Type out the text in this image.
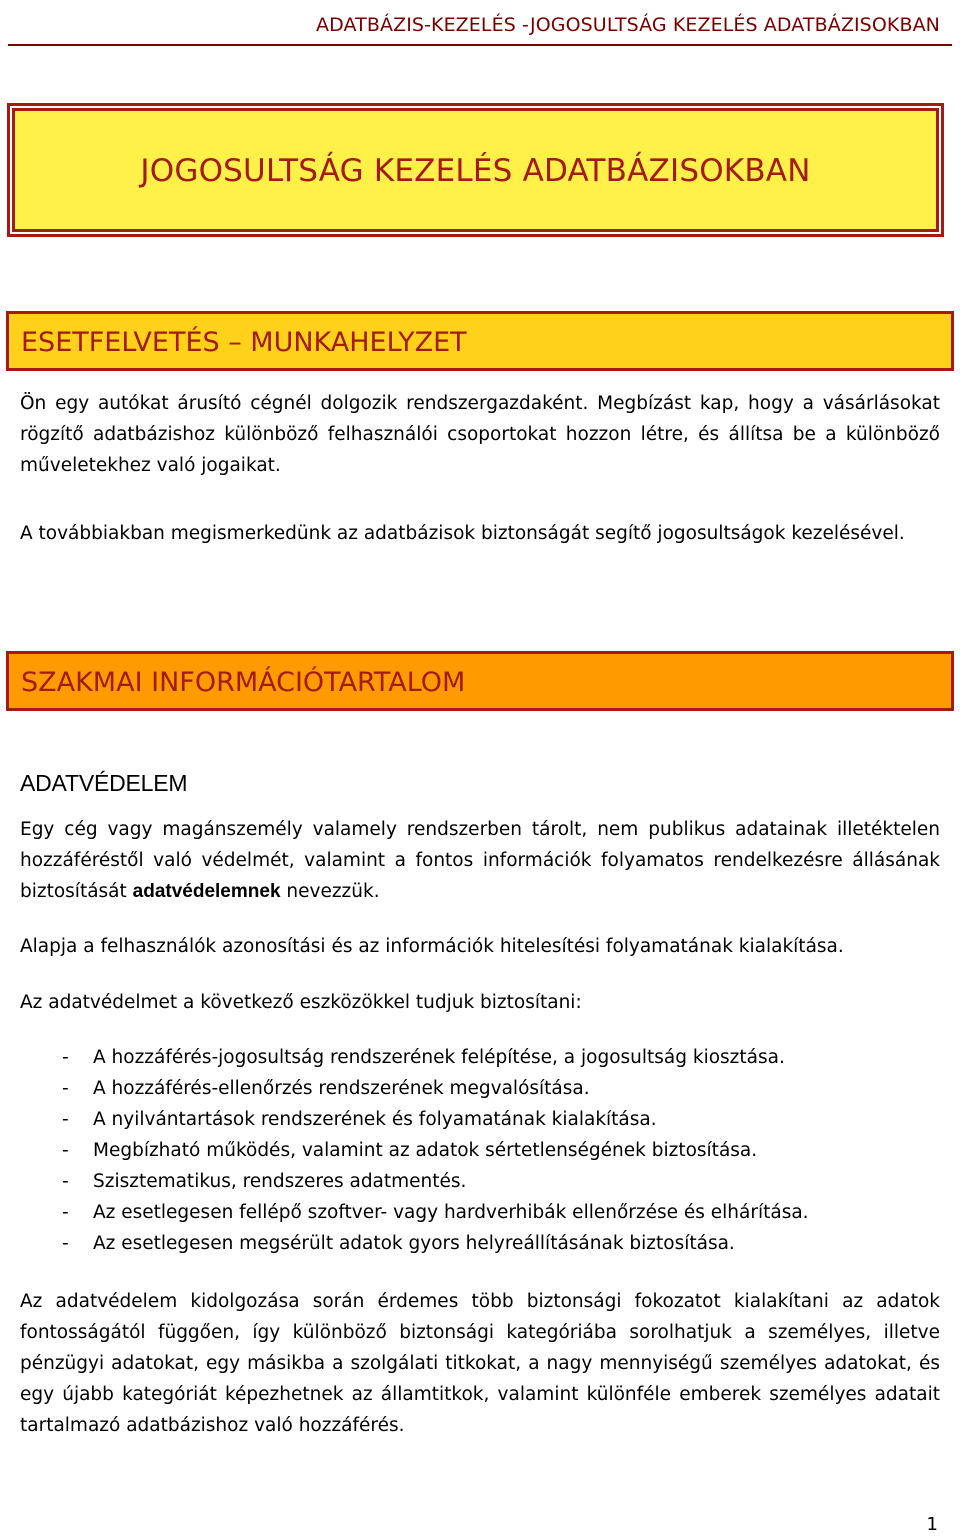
ADATBÁZIS-KEZELÉS -JOGOSULTSÁG KEZELÉS ADATBÁZISOKBAN
JOGOSULTSÁG KEZELÉS ADATBÁZISOKBAN
ESETFELVETÉS – MUNKAHELYZET

Ön egy autókat árusító cégnél dolgozik rendszergazdaként. Megbízást kap, hogy a vásárlásokat rögzítő adatbázishoz különböző felhasználói csoportokat hozzon létre, és állítsa be a különböző műveletekhez való jogaikat.

A továbbiakban megismerkedünk az adatbázisok biztonságát segítő jogosultságok kezelésével.

SZAKMAI INFORMÁCIÓTARTALOM
ADATVÉDELEM

Egy cég vagy magánszemély valamely rendszerben tárolt, nem publikus adatainak illetéktelen hozzáféréstől való védelmét, valamint a fontos információk folyamatos rendelkezésre állásának biztosítását adatvédelemnek nevezzük.

Alapja a felhasználók azonosítási és az információk hitelesítési folyamatának kialakítása.

Az adatvédelmet a következő eszközökkel tudjuk biztosítani:

- A hozzáférés-jogosultság rendszerének felépítése, a jogosultság kiosztása.
- A hozzáférés-ellenőrzés rendszerének megvalósítása.
- A nyilvántartások rendszerének és folyamatának kialakítása.
- Megbízható működés, valamint az adatok sértetlenségének biztosítása.
- Szisztematikus, rendszeres adatmentés.
- Az esetlegesen fellépő szoftver- vagy hardverhibák ellenőrzése és elhárítása.
- Az esetlegesen megsérült adatok gyors helyreállításának biztosítása.

Az adatvédelem kidolgozása során érdemes több biztonsági fokozatot kialakítani az adatok fontosságától függően, így különböző biztonsági kategóriába sorolhatjuk a személyes, illetve pénzügyi adatokat, egy másikba a szolgálati titkokat, a nagy mennyiségű személyes adatokat, és egy újabb kategóriát képezhetnek az államtitkok, valamint különféle emberek személyes adatait tartalmazó adatbázishoz való hozzáférés.

1
